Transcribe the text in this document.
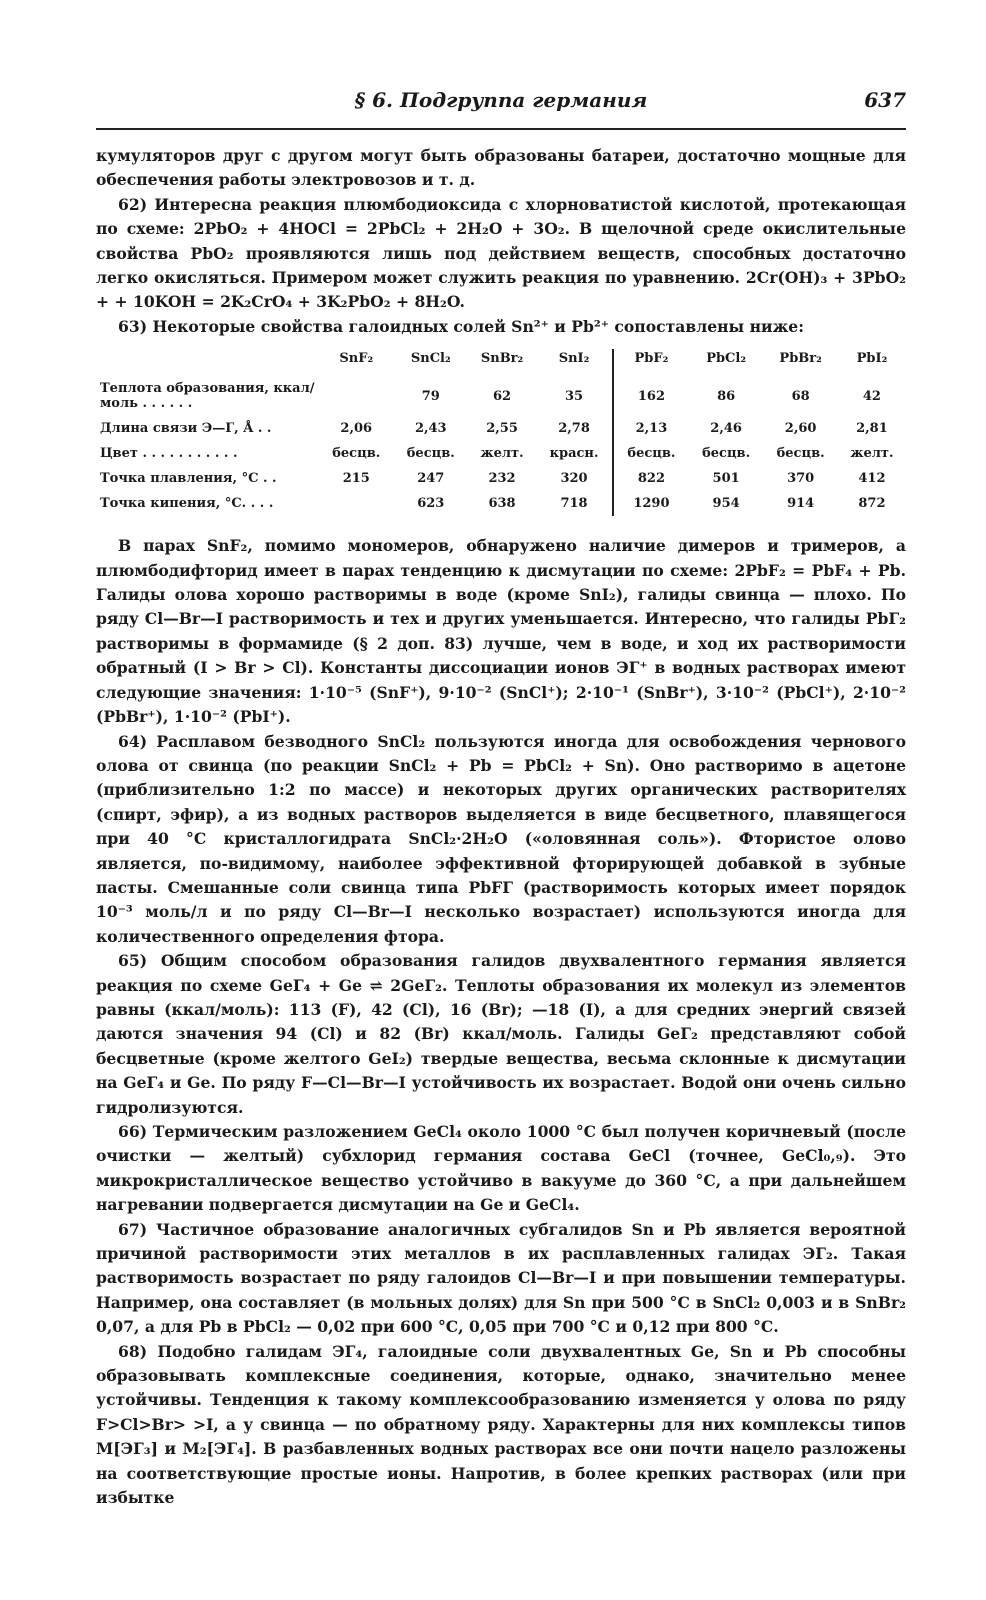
§ 6. Подгруппа германия	637

кумуляторов друг с другом могут быть образованы батареи, достаточно мощные для обеспечения работы электровозов и т. д.

62) Интересна реакция плюмбодиоксида с хлорноватистой кислотой, протекающая по схеме: 2PbO₂ + 4HOCl = 2PbCl₂ + 2H₂O + 3O₂. В щелочной среде окислительные свойства PbO₂ проявляются лишь под действием веществ, способных достаточно легко окисляться. Примером может служить реакция по уравнению. 2Cr(OH)₃ + 3PbO₂ + + 10KOH = 2K₂CrO₄ + 3K₂PbO₂ + 8H₂O.

63) Некоторые свойства галоидных солей Sn²⁺ и Pb²⁺ сопоставлены ниже:

	SnF₂	SnCl₂	SnBr₂	SnI₂	PbF₂	PbCl₂	PbBr₂	PbI₂
Теплота образования, ккал/моль . . . . . .		79	62	35	162	86	68	42
Длина связи Э—Г, Å . .	2,06	2,43	2,55	2,78	2,13	2,46	2,60	2,81
Цвет . . . . . . . . . . .	бесцв.	бесцв.	желт.	красн.	бесцв.	бесцв.	бесцв.	желт.
Точка плавления, °С . .	215	247	232	320	822	501	370	412
Точка кипения, °С. . . .		623	638	718	1290	954	914	872

В парах SnF₂, помимо мономеров, обнаружено наличие димеров и тримеров, а плюмбодифторид имеет в парах тенденцию к дисмутации по схеме: 2PbF₂ = PbF₄ + Pb. Галиды олова хорошо растворимы в воде (кроме SnI₂), галиды свинца — плохо. По ряду Cl—Br—I растворимость и тех и других уменьшается. Интересно, что галиды PbГ₂ растворимы в формамиде (§ 2 доп. 83) лучше, чем в воде, и ход их растворимости обратный (I > Br > Cl). Константы диссоциации ионов ЭГ⁺ в водных растворах имеют следующие значения: 1·10⁻⁵ (SnF⁺), 9·10⁻² (SnCl⁺); 2·10⁻¹ (SnBr⁺), 3·10⁻² (PbCl⁺), 2·10⁻² (PbBr⁺), 1·10⁻² (PbI⁺).

64) Расплавом безводного SnCl₂ пользуются иногда для освобождения чернового олова от свинца (по реакции SnCl₂ + Pb = PbCl₂ + Sn). Оно растворимо в ацетоне (приблизительно 1:2 по массе) и некоторых других органических растворителях (спирт, эфир), а из водных растворов выделяется в виде бесцветного, плавящегося при 40 °С кристаллогидрата SnCl₂·2H₂O («оловянная соль»). Фтористое олово является, по-видимому, наиболее эффективной фторирующей добавкой в зубные пасты. Смешанные соли свинца типа PbFГ (растворимость которых имеет порядок 10⁻³ моль/л и по ряду Cl—Br—I несколько возрастает) используются иногда для количественного определения фтора.

65) Общим способом образования галидов двухвалентного германия является реакция по схеме GeГ₄ + Ge ⇌ 2GeГ₂. Теплоты образования их молекул из элементов равны (ккал/моль): 113 (F), 42 (Cl), 16 (Br); —18 (I), а для средних энергий связей даются значения 94 (Cl) и 82 (Br) ккал/моль. Галиды GeГ₂ представляют собой бесцветные (кроме желтого GeI₂) твердые вещества, весьма склонные к дисмутации на GeГ₄ и Ge. По ряду F—Cl—Br—I устойчивость их возрастает. Водой они очень сильно гидролизуются.

66) Термическим разложением GeCl₄ около 1000 °С был получен коричневый (после очистки — желтый) субхлорид германия состава GeCl (точнее, GeCl₀,₉). Это микрокристаллическое вещество устойчиво в вакууме до 360 °С, а при дальнейшем нагревании подвергается дисмутации на Ge и GeCl₄.

67) Частичное образование аналогичных субгалидов Sn и Pb является вероятной причиной растворимости этих металлов в их расплавленных галидах ЭГ₂. Такая растворимость возрастает по ряду галоидов Cl—Br—I и при повышении температуры. Например, она составляет (в мольных долях) для Sn при 500 °С в SnCl₂ 0,003 и в SnBr₂ 0,07, а для Pb в PbCl₂ — 0,02 при 600 °С, 0,05 при 700 °С и 0,12 при 800 °С.

68) Подобно галидам ЭГ₄, галоидные соли двухвалентных Ge, Sn и Pb способны образовывать комплексные соединения, которые, однако, значительно менее устойчивы. Тенденция к такому комплексообразованию изменяется у олова по ряду F>Cl>Br> >I, а у свинца — по обратному ряду. Характерны для них комплексы типов M[ЭГ₃] и M₂[ЭГ₄]. В разбавленных водных растворах все они почти нацело разложены на соответствующие простые ионы. Напротив, в более крепких растворах (или при избытке
